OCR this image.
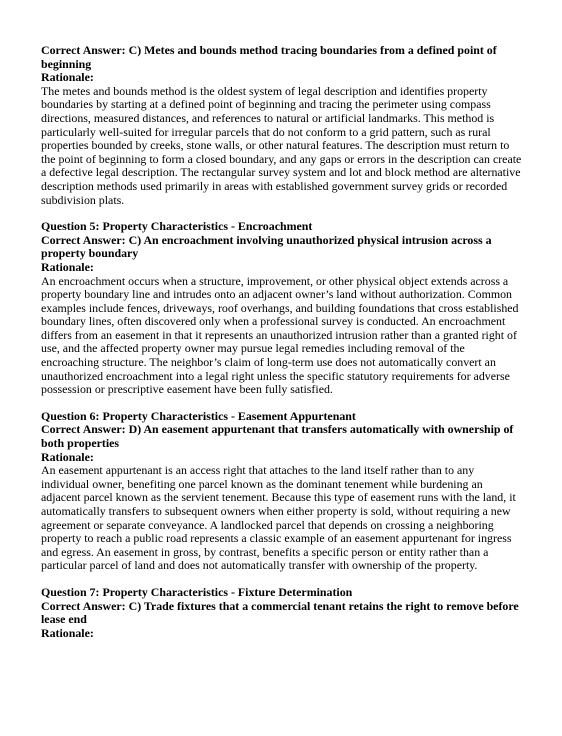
Correct Answer: C) Metes and bounds method tracing boundaries from a defined point of beginning

Rationale:

The metes and bounds method is the oldest system of legal description and identifies property boundaries by starting at a defined point of beginning and tracing the perimeter using compass directions, measured distances, and references to natural or artificial landmarks. This method is particularly well-suited for irregular parcels that do not conform to a grid pattern, such as rural properties bounded by creeks, stone walls, or other natural features. The description must return to the point of beginning to form a closed boundary, and any gaps or errors in the description can create a defective legal description. The rectangular survey system and lot and block method are alternative description methods used primarily in areas with established government survey grids or recorded subdivision plats.

Question 5: Property Characteristics - Encroachment

Correct Answer: C) An encroachment involving unauthorized physical intrusion across a property boundary

Rationale:

An encroachment occurs when a structure, improvement, or other physical object extends across a property boundary line and intrudes onto an adjacent owner’s land without authorization. Common examples include fences, driveways, roof overhangs, and building foundations that cross established boundary lines, often discovered only when a professional survey is conducted. An encroachment differs from an easement in that it represents an unauthorized intrusion rather than a granted right of use, and the affected property owner may pursue legal remedies including removal of the encroaching structure. The neighbor’s claim of long-term use does not automatically convert an unauthorized encroachment into a legal right unless the specific statutory requirements for adverse possession or prescriptive easement have been fully satisfied.

Question 6: Property Characteristics - Easement Appurtenant

Correct Answer: D) An easement appurtenant that transfers automatically with ownership of both properties

Rationale:

An easement appurtenant is an access right that attaches to the land itself rather than to any individual owner, benefiting one parcel known as the dominant tenement while burdening an adjacent parcel known as the servient tenement. Because this type of easement runs with the land, it automatically transfers to subsequent owners when either property is sold, without requiring a new agreement or separate conveyance. A landlocked parcel that depends on crossing a neighboring property to reach a public road represents a classic example of an easement appurtenant for ingress and egress. An easement in gross, by contrast, benefits a specific person or entity rather than a particular parcel of land and does not automatically transfer with ownership of the property.

Question 7: Property Characteristics - Fixture Determination

Correct Answer: C) Trade fixtures that a commercial tenant retains the right to remove before lease end

Rationale:
